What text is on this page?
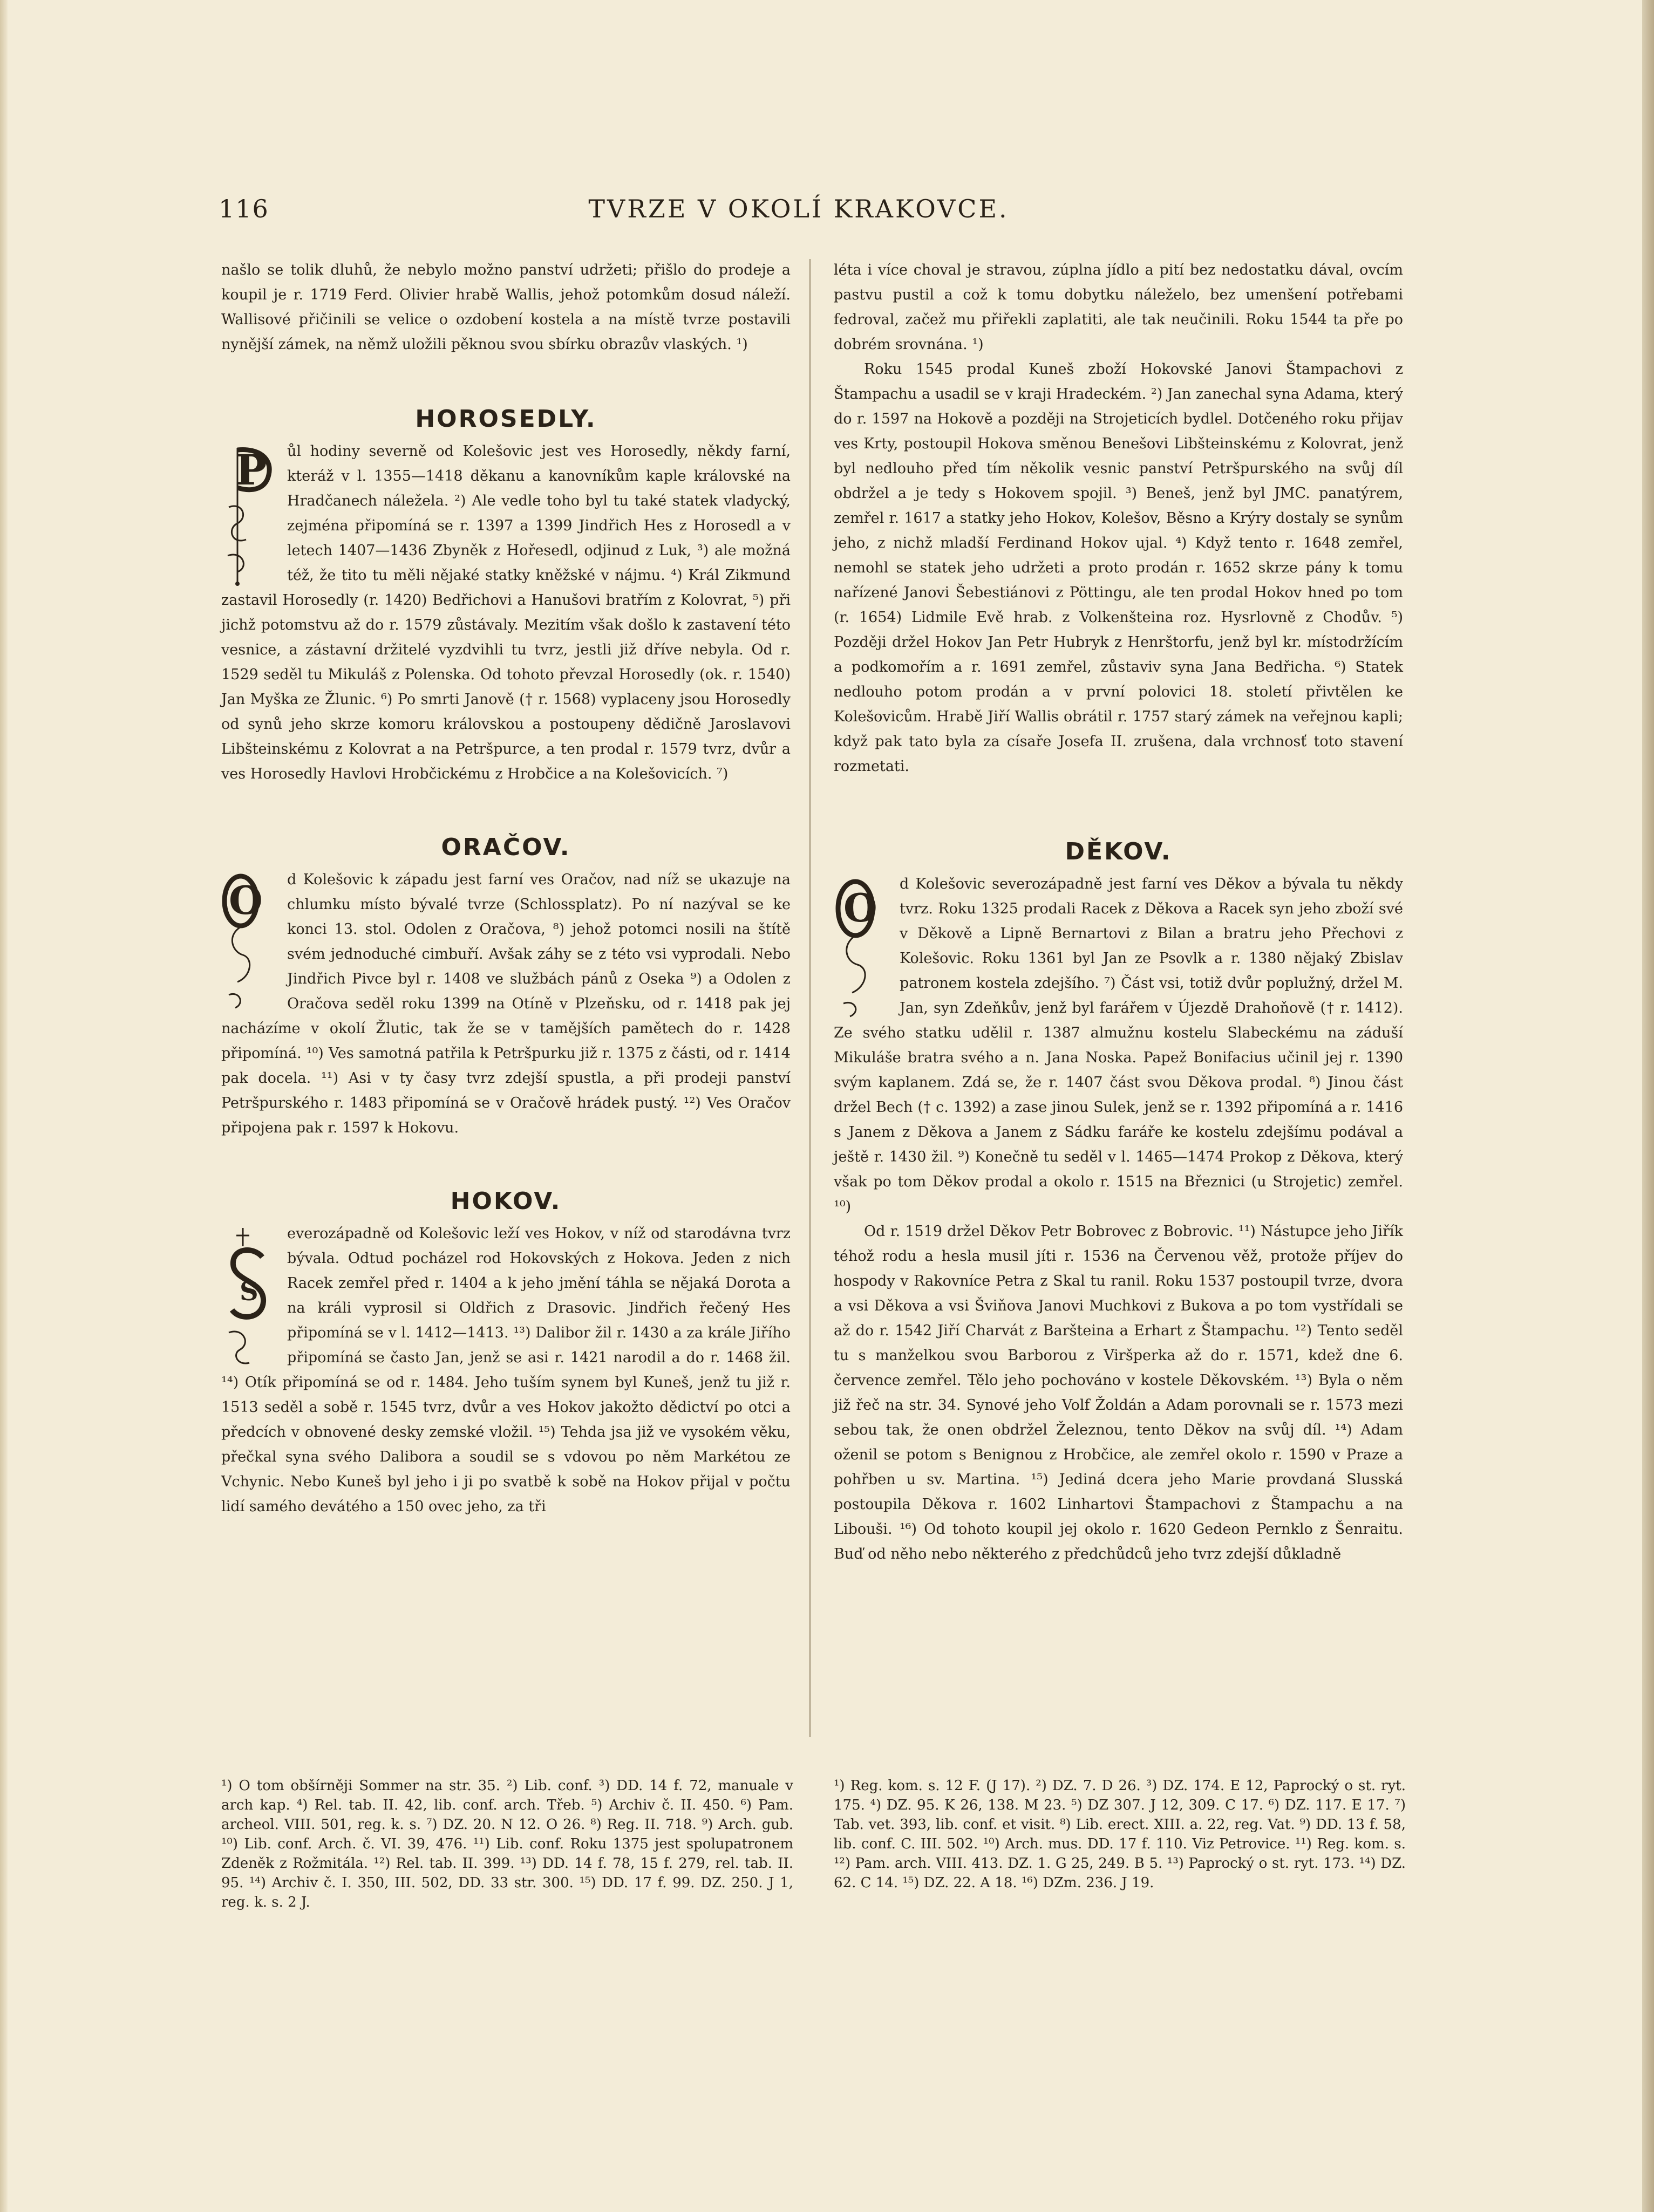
116	TVRZE V OKOLÍ KRAKOVCE.

našlo se tolik dluhů, že nebylo možno panství udržeti; přišlo do prodeje a koupil je r. 1719 Ferd. Olivier hrabě Wallis, jehož potomkům dosud náleží. Wallisové přičinili se velice o ozdobení kostela a na místě tvrze postavili nynější zámek, na němž uložili pěknou svou sbírku obrazův vlaských. ¹)

HOROSEDLY.
P	ůl hodiny severně od Kolešovic jest ves Horosedly, někdy farní, kteráž v l. 1355—1418 děkanu a kanovníkům kaple královské na Hradčanech náležela. ²) Ale vedle toho byl tu také statek vladycký, zejména připomíná se r. 1397 a 1399 Jindřich Hes z Horosedl a v letech 1407—1436 Zbyněk z Hořesedl, odjinud z Luk, ³) ale možná též, že tito tu měli nějaké statky kněžské v nájmu. ⁴) Král Zikmund zastavil Horosedly (r. 1420) Bedřichovi a Hanušovi bratřím z Kolovrat, ⁵) při jichž potomstvu až do r. 1579 zůstávaly. Mezitím však došlo k zastavení této vesnice, a zástavní držitelé vyzdvihli tu tvrz, jestli již dříve nebyla. Od r. 1529 seděl tu Mikuláš z Polenska. Od tohoto převzal Horosedly (ok. r. 1540) Jan Myška ze Žlunic. ⁶) Po smrti Janově († r. 1568) vyplaceny jsou Horosedly od synů jeho skrze komoru královskou a postoupeny dědičně Jaroslavovi Libšteinskému z Kolovrat a na Petršpurce, a ten prodal r. 1579 tvrz, dvůr a ves Horosedly Havlovi Hrobčickému z Hrobčice a na Kolešovicích. ⁷)

ORAČOV.
O	d Kolešovic k západu jest farní ves Oračov, nad níž se ukazuje na chlumku místo bývalé tvrze (Schlossplatz). Po ní nazýval se ke konci 13. stol. Odolen z Oračova, ⁸) jehož potomci nosili na štítě svém jednoduché cimbuří. Avšak záhy se z této vsi vyprodali. Nebo Jindřich Pivce byl r. 1408 ve službách pánů z Oseka ⁹) a Odolen z Oračova seděl roku 1399 na Otíně v Plzeňsku, od r. 1418 pak jej nacházíme v okolí Žlutic, tak že se v tamějších pamětech do r. 1428 připomíná. ¹⁰) Ves samotná patřila k Petršpurku již r. 1375 z části, od r. 1414 pak docela. ¹¹) Asi v ty časy tvrz zdejší spustla, a při prodeji panství Petršpurského r. 1483 připomíná se v Oračově hrádek pustý. ¹²) Ves Oračov připojena pak r. 1597 k Hokovu.

HOKOV.
S

everozápadně od Kolešovic leží ves Hokov, v níž od starodávna tvrz bývala. Odtud pocházel rod Hokovských z Hokova. Jeden z nich Racek zemřel před r. 1404 a k jeho jmění táhla se nějaká Dorota a na králi vyprosil si Oldřich z Drasovic. Jindřich řečený Hes připomíná se v l. 1412—1413. ¹³) Dalibor žil r. 1430 a za krále Jiřího připomíná se často Jan, jenž se asi r. 1421 narodil a do r. 1468 žil. ¹⁴) Otík připomíná se od r. 1484. Jeho tuším synem byl Kuneš, jenž tu již r. 1513 seděl a sobě r. 1545 tvrz, dvůr a ves Hokov jakožto dědictví po otci a předcích v obnovené desky zemské vložil. ¹⁵) Tehda jsa již ve vysokém věku, přečkal syna svého Dalibora a soudil se s vdovou po něm Markétou ze Vchynic. Nebo Kuneš byl jeho i ji po svatbě k sobě na Hokov přijal v počtu lidí samého devátého a 150 ovec jeho, za tři

léta i více choval je stravou, zúplna jídlo a pití bez nedostatku dával, ovcím pastvu pustil a což k tomu dobytku náleželo, bez umenšení potřebami fedroval, začež mu přiřekli zaplatiti, ale tak neučinili. Roku 1544 ta pře po dobrém srovnána. ¹)

Roku 1545 prodal Kuneš zboží Hokovské Janovi Štampachovi z Štampachu a usadil se v kraji Hradeckém. ²) Jan zanechal syna Adama, který do r. 1597 na Hokově a později na Strojeticích bydlel. Dotčeného roku přijav ves Krty, postoupil Hokova směnou Benešovi Libšteinskému z Kolovrat, jenž byl nedlouho před tím několik vesnic panství Petršpurského na svůj díl obdržel a je tedy s Hokovem spojil. ³) Beneš, jenž byl JMC. panatýrem, zemřel r. 1617 a statky jeho Hokov, Kolešov, Běsno a Krýry dostaly se synům jeho, z nichž mladší Ferdinand Hokov ujal. ⁴) Když tento r. 1648 zemřel, nemohl se statek jeho udržeti a proto prodán r. 1652 skrze pány k tomu nařízené Janovi Šebestiánovi z Pöttingu, ale ten prodal Hokov hned po tom (r. 1654) Lidmile Evě hrab. z Volkenšteina roz. Hysrlovně z Chodův. ⁵) Později držel Hokov Jan Petr Hubryk z Henrštorfu, jenž byl kr. místodržícím a podkomořím a r. 1691 zemřel, zůstaviv syna Jana Bedřicha. ⁶) Statek nedlouho potom prodán a v první polovici 18. století přivtělen ke Kolešovicům. Hrabě Jiří Wallis obrátil r. 1757 starý zámek na veřejnou kapli; když pak tato byla za císaře Josefa II. zrušena, dala vrchnosť toto stavení rozmetati.

DĚKOV.
O

d Kolešovic severozápadně jest farní ves Děkov a bývala tu někdy tvrz. Roku 1325 prodali Racek z Děkova a Racek syn jeho zboží své v Děkově a Lipně Bernartovi z Bilan a bratru jeho Přechovi z Kolešovic. Roku 1361 byl Jan ze Psovlk a r. 1380 nějaký Zbislav patronem kostela zdejšího. ⁷) Část vsi, totiž dvůr poplužný, držel M. Jan, syn Zdeňkův, jenž byl farářem v Újezdě Drahoňově († r. 1412). Ze svého statku udělil r. 1387 almužnu kostelu Slabeckému na záduší Mikuláše bratra svého a n. Jana Noska. Papež Bonifacius učinil jej r. 1390 svým kaplanem. Zdá se, že r. 1407 část svou Děkova prodal. ⁸) Jinou část držel Bech († c. 1392) a zase jinou Sulek, jenž se r. 1392 připomíná a r. 1416 s Janem z Děkova a Janem z Sádku faráře ke kostelu zdejšímu podával a ještě r. 1430 žil. ⁹) Konečně tu seděl v l. 1465—1474 Prokop z Děkova, který však po tom Děkov prodal a okolo r. 1515 na Březnici (u Strojetic) zemřel. ¹⁰)

Od r. 1519 držel Děkov Petr Bobrovec z Bobrovic. ¹¹) Nástupce jeho Jiřík téhož rodu a hesla musil jíti r. 1536 na Červenou věž, protože příjev do hospody v Rakovníce Petra z Skal tu ranil. Roku 1537 postoupil tvrze, dvora a vsi Děkova a vsi Šviňova Janovi Muchkovi z Bukova a po tom vystřídali se až do r. 1542 Jiří Charvát z Baršteina a Erhart z Štampachu. ¹²) Tento seděl tu s manželkou svou Barborou z Viršperka až do r. 1571, kdež dne 6. července zemřel. Tělo jeho pochováno v kostele Děkovském. ¹³) Byla o něm již řeč na str. 34. Synové jeho Volf Žoldán a Adam porovnali se r. 1573 mezi sebou tak, že onen obdržel Železnou, tento Děkov na svůj díl. ¹⁴) Adam oženil se potom s Benignou z Hrobčice, ale zemřel okolo r. 1590 v Praze a pohřben u sv. Martina. ¹⁵) Jediná dcera jeho Marie provdaná Slusská postoupila Děkova r. 1602 Linhartovi Štampachovi z Štampachu a na Libouši. ¹⁶) Od tohoto koupil jej okolo r. 1620 Gedeon Pernklo z Šenraitu. Buď od něho nebo některého z předchůdců jeho tvrz zdejší důkladně

¹) O tom obšírněji Sommer na str. 35. ²) Lib. conf. ³) DD. 14 f. 72, manuale v arch kap. ⁴) Rel. tab. II. 42, lib. conf. arch. Třeb. ⁵) Archiv č. II. 450. ⁶) Pam. archeol. VIII. 501, reg. k. s. ⁷) DZ. 20. N 12. O 26. ⁸) Reg. II. 718. ⁹) Arch. gub. ¹⁰) Lib. conf. Arch. č. VI. 39, 476. ¹¹) Lib. conf. Roku 1375 jest spolupatronem Zdeněk z Rožmitála. ¹²) Rel. tab. II. 399. ¹³) DD. 14 f. 78, 15 f. 279, rel. tab. II. 95. ¹⁴) Archiv č. I. 350, III. 502, DD. 33 str. 300. ¹⁵) DD. 17 f. 99. DZ. 250. J 1, reg. k. s. 2 J.

¹) Reg. kom. s. 12 F. (J 17). ²) DZ. 7. D 26. ³) DZ. 174. E 12, Paprocký o st. ryt. 175. ⁴) DZ. 95. K 26, 138. M 23. ⁵) DZ 307. J 12, 309. C 17. ⁶) DZ. 117. E 17. ⁷) Tab. vet. 393, lib. conf. et visit. ⁸) Lib. erect. XIII. a. 22, reg. Vat. ⁹) DD. 13 f. 58, lib. conf. C. III. 502. ¹⁰) Arch. mus. DD. 17 f. 110. Viz Petrovice. ¹¹) Reg. kom. s. ¹²) Pam. arch. VIII. 413. DZ. 1. G 25, 249. B 5. ¹³) Paprocký o st. ryt. 173. ¹⁴) DZ. 62. C 14. ¹⁵) DZ. 22. A 18. ¹⁶) DZm. 236. J 19.
